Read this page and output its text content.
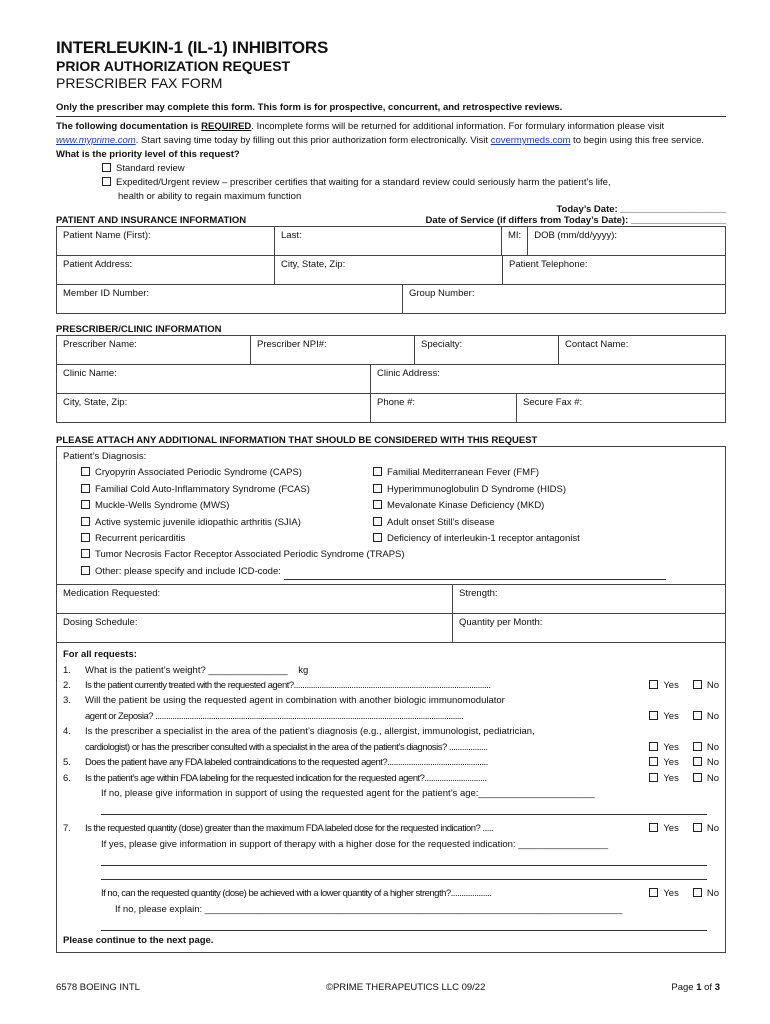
INTERLEUKIN-1 (IL-1) INHIBITORS
PRIOR AUTHORIZATION REQUEST
PRESCRIBER FAX FORM
Only the prescriber may complete this form. This form is for prospective, concurrent, and retrospective reviews.
The following documentation is REQUIRED. Incomplete forms will be returned for additional information. For formulary information please visit www.myprime.com. Start saving time today by filling out this prior authorization form electronically. Visit covermymeds.com to begin using this free service.
What is the priority level of this request?
Standard review
Expedited/Urgent review – prescriber certifies that waiting for a standard review could seriously harm the patient’s life,
health or ability to regain maximum function
Today’s Date: ____________________
PATIENT AND INSURANCE INFORMATION	Date of Service (if differs from Today’s Date): __________________
Patient Name (First):	Last:	MI:	DOB (mm/dd/yyyy):
Patient Address:	City, State, Zip:	Patient Telephone:
Member ID Number:	Group Number:
PRESCRIBER/CLINIC INFORMATION
Prescriber Name:	Prescriber NPI#:	Specialty:	Contact Name:
Clinic Name:	Clinic Address:
City, State, Zip:	Phone #:	Secure Fax #:
PLEASE ATTACH ANY ADDITIONAL INFORMATION THAT SHOULD BE CONSIDERED WITH THIS REQUEST
Patient’s Diagnosis:
Cryopyrin Associated Periodic Syndrome (CAPS)
Familial Cold Auto-Inflammatory Syndrome (FCAS)
Muckle-Wells Syndrome (MWS)
Active systemic juvenile idiopathic arthritis (SJIA)
Recurrent pericarditis
Familial Mediterranean Fever (FMF)
Hyperimmunoglobulin D Syndrome (HIDS)
Mevalonate Kinase Deficiency (MKD)
Adult onset Still’s disease
Deficiency of interleukin-1 receptor antagonist
Tumor Necrosis Factor Receptor Associated Periodic Syndrome (TRAPS)
Other: please specify and include ICD-code:
Medication Requested:	Strength:
Dosing Schedule:	Quantity per Month:
For all requests:
1.	What is the patient’s weight? _______________ kg
2.	Is the patient currently treated with the requested agent?............................................................................................	Yes	No
3.	Will the patient be using the requested agent in combination with another biologic immunomodulator
agent or Zeposia? ................................................................................................................................................	Yes	No
4.	Is the prescriber a specialist in the area of the patient’s diagnosis (e.g., allergist, immunologist, pediatrician,
cardiologist) or has the prescriber consulted with a specialist in the area of the patient’s diagnosis? ..................	Yes	No
5.	Does the patient have any FDA labeled contraindications to the requested agent?...............................................	Yes	No
6.	Is the patient’s age within FDA labeling for the requested indication for the requested agent?.............................	Yes	No
If no, please give information in support of using the requested agent for the patient’s age:______________________
7.	Is the requested quantity (dose) greater than the maximum FDA labeled dose for the requested indication? .....	Yes	No
If yes, please give information in support of therapy with a higher dose for the requested indication: _________________
If no, can the requested quantity (dose) be achieved with a lower quantity of a higher strength?...................	Yes	No
If no, please explain: _______________________________________________________________________________
Please continue to the next page.
6578 BOEING INTL	©PRIME THERAPEUTICS LLC 09/22	Page 1 of 3
